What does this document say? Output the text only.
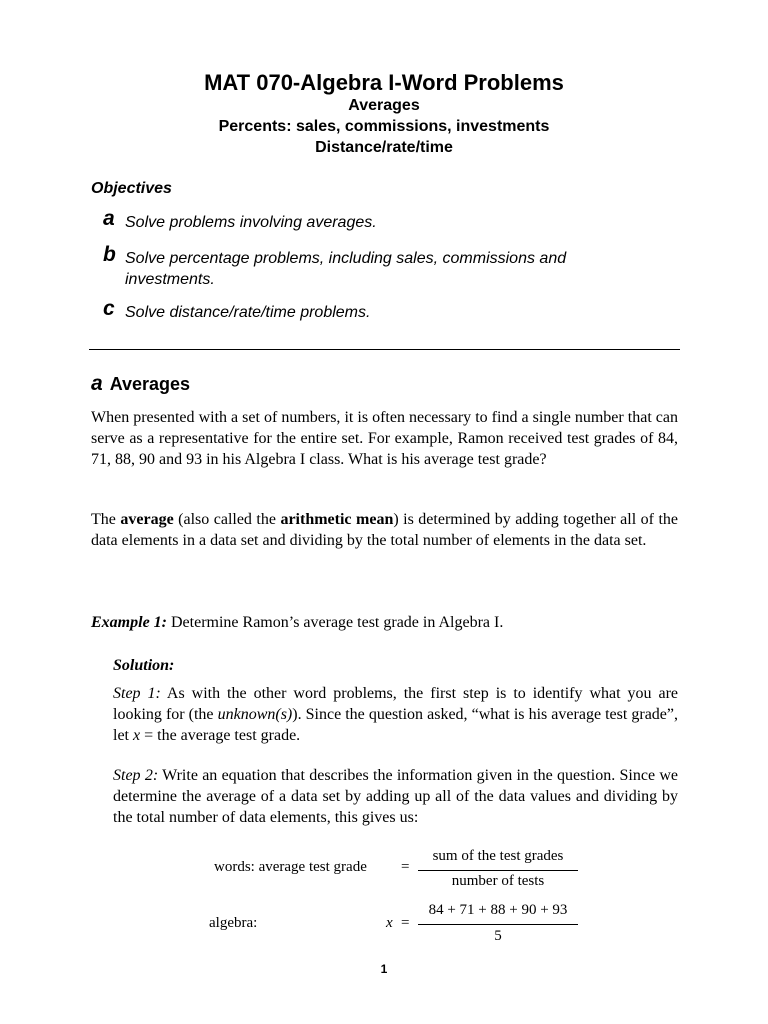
MAT 070-Algebra I-Word Problems
Averages
Percents: sales, commissions, investments
Distance/rate/time
Objectives
a Solve problems involving averages.
b Solve percentage problems, including sales, commissions and investments.
c Solve distance/rate/time problems.
a Averages
When presented with a set of numbers, it is often necessary to find a single number that can serve as a representative for the entire set. For example, Ramon received test grades of 84, 71, 88, 90 and 93 in his Algebra I class. What is his average test grade?
The average (also called the arithmetic mean) is determined by adding together all of the data elements in a data set and dividing by the total number of elements in the data set.
Example 1: Determine Ramon’s average test grade in Algebra I.
Solution:
Step 1: As with the other word problems, the first step is to identify what you are looking for (the unknown(s)). Since the question asked, “what is his average test grade”, let x = the average test grade.
Step 2: Write an equation that describes the information given in the question. Since we determine the average of a data set by adding up all of the data values and dividing by the total number of data elements, this gives us:
words: average test grade =
sum of the test grades
number of tests
algebra:	x =
84 + 71 + 88 + 90 + 93
5
1
